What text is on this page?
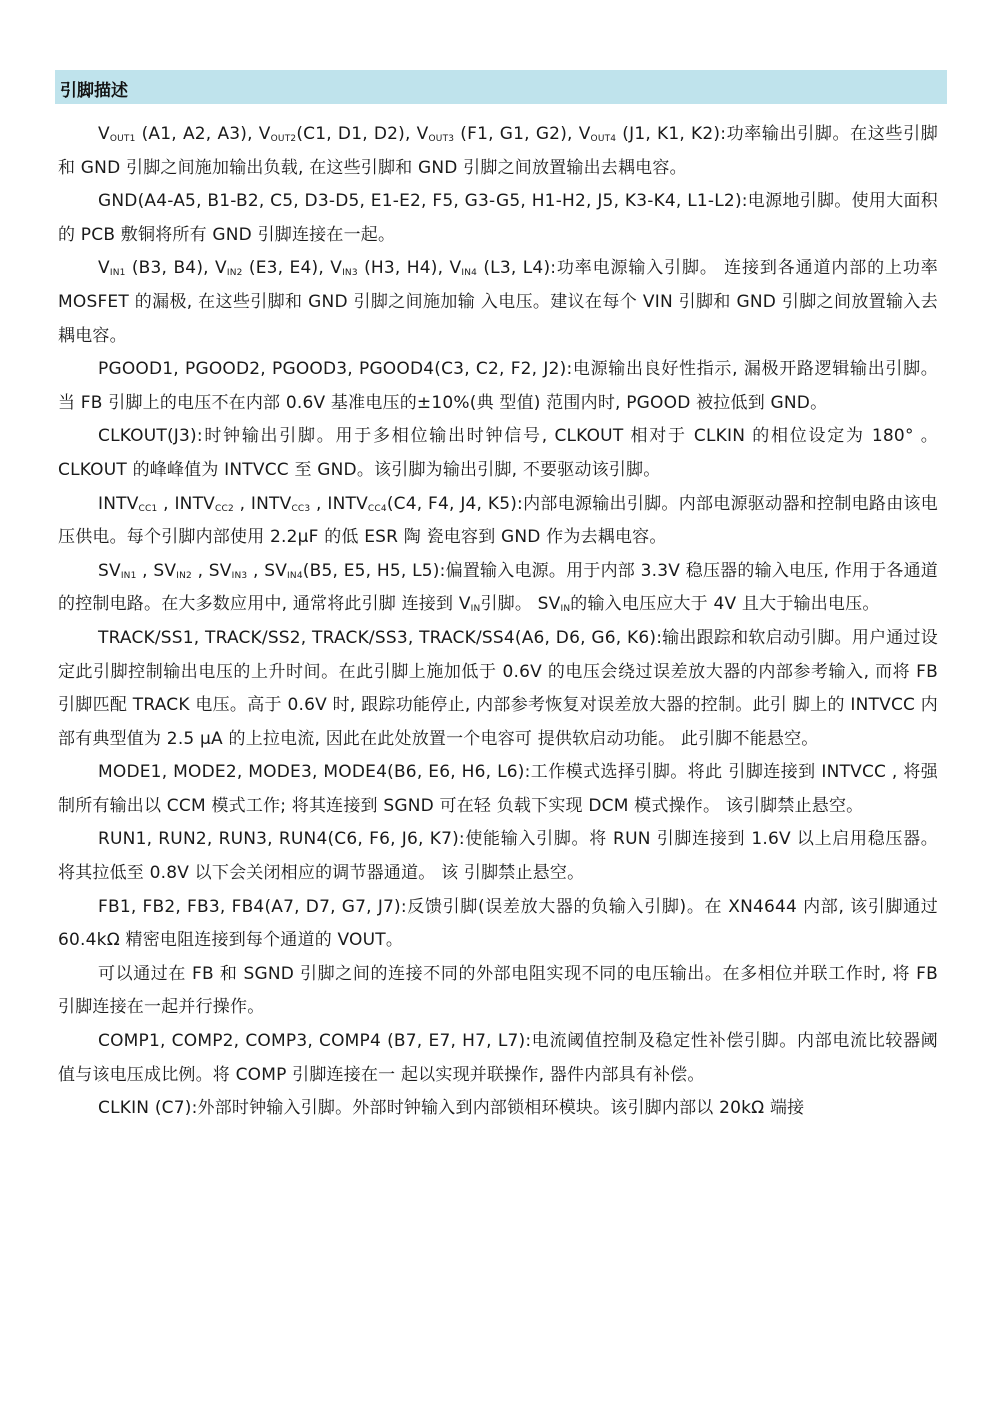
引脚描述

$V_{OUT1}$ (A1, A2, A3), $V_{OUT2}(C1$, D1, D2), $V_{OUT3}$ (F1, G1, G2), $V_{OUT4}$ (J1, K1, K2):功率输出引脚。在这些引脚和 GND 引脚之间施加输出负载, 在这些引脚和 GND 引脚之间放置输出去耦电容。

GND(A4-A5, B1-B2, C5, D3-D5, E1-E2, F5, G3-G5, H1-H2, J5, K3-K4, L1-L2):电源地引脚。使用大面积的 PCB 敷铜将所有 GND 引脚连接在一起。

$V_{IN1}$ (B3, B4), $V_{IN2}$ (E3, E4), $V_{IN3}$ (H3, H4), $V_{IN4}$ (L3, L4):功率电源输入引脚。 连接到各通道内部的上功率 MOSFET 的漏极, 在这些引脚和 GND 引脚之间施加输 入电压。建议在每个 VIN 引脚和 GND 引脚之间放置输入去耦电容。

PGOOD1, PGOOD2, PGOOD3, PGOOD4(C3, C2, F2, J2):电源输出良好性指示, 漏极开路逻辑输出引脚。当 FB 引脚上的电压不在内部 0.6V 基准电压的±10%(典 型值) 范围内时, PGOOD 被拉低到 GND。

CLKOUT(J3):时钟输出引脚。用于多相位输出时钟信号, CLKOUT 相对于 CLKIN 的相位设定为 180° 。CLKOUT 的峰峰值为 INTVCC 至 GND。该引脚为输出引脚, 不要驱动该引脚。

$INTV_{CC1}$ , $INTV_{CC2}$ , $INTV_{CC3}$ , $INTV_{CC4}(C4$, F4, J4, K5):内部电源输出引脚。内部电源驱动器和控制电路由该电压供电。每个引脚内部使用 2.2μF 的低 ESR 陶 瓷电容到 GND 作为去耦电容。

$SV_{IN1}$ , $SV_{IN2}$ , $SV_{IN3}$ , $SV_{IN4}(B5$, E5, H5, L5):偏置输入电源。用于内部 3.3V 稳压器的输入电压, 作用于各通道的控制电路。在大多数应用中, 通常将此引脚 连接到 $V_{IN}$引脚。 $SV_{IN}$的输入电压应大于 4V 且大于输出电压。

TRACK/SS1, TRACK/SS2, TRACK/SS3, TRACK/SS4(A6, D6, G6, K6):输出跟踪和软启动引脚。用户通过设定此引脚控制输出电压的上升时间。在此引脚上施加低于 0.6V 的电压会绕过误差放大器的内部参考输入, 而将 FB 引脚匹配 TRACK 电压。高于 0.6V 时, 跟踪功能停止, 内部参考恢复对误差放大器的控制。此引 脚上的 INTVCC 内部有典型值为 2.5 μA 的上拉电流, 因此在此处放置一个电容可 提供软启动功能。 此引脚不能悬空。

MODE1, MODE2, MODE3, MODE4(B6, E6, H6, L6):工作模式选择引脚。将此 引脚连接到 INTVCC , 将强制所有输出以 CCM 模式工作; 将其连接到 SGND 可在轻 负载下实现 DCM 模式操作。 该引脚禁止悬空。

RUN1, RUN2, RUN3, RUN4(C6, F6, J6, K7):使能输入引脚。将 RUN 引脚连接到 1.6V 以上启用稳压器。将其拉低至 0.8V 以下会关闭相应的调节器通道。 该 引脚禁止悬空。

FB1, FB2, FB3, FB4(A7, D7, G7, J7):反馈引脚(误差放大器的负输入引脚)。在 XN4644 内部, 该引脚通过 60.4kΩ 精密电阻连接到每个通道的 VOUT。

可以通过在 FB 和 SGND 引脚之间的连接不同的外部电阻实现不同的电压输出。在多相位并联工作时, 将 FB 引脚连接在一起并行操作。

COMP1, COMP2, COMP3, COMP4 (B7, E7, H7, L7):电流阈值控制及稳定性补偿引脚。内部电流比较器阈值与该电压成比例。将 COMP 引脚连接在一 起以实现并联操作, 器件内部具有补偿。

CLKIN (C7):外部时钟输入引脚。外部时钟输入到内部锁相环模块。该引脚内部以 20kΩ 端接
